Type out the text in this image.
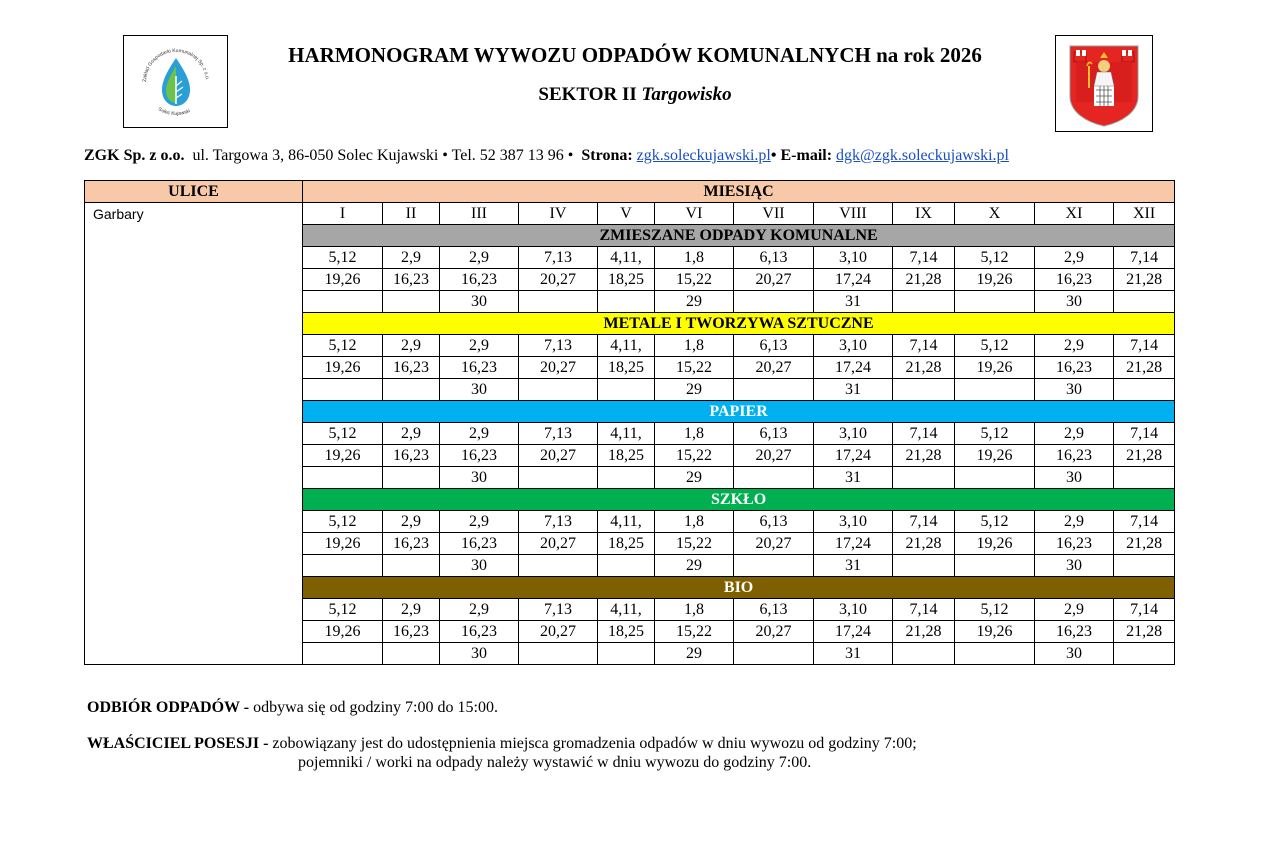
Zakład Gospodarki Komunalnej Sp. z o.o.
Solec Kujawski
HARMONOGRAM WYWOZU ODPADÓW KOMUNALNYCH na rok 2026
SEKTOR II Targowisko
ZGK Sp. z o.o. ul. Targowa 3, 86-050 Solec Kujawski • Tel. 52 387 13 96 • Strona: zgk.soleckujawski.pl• E-mail: dgk@zgk.soleckujawski.pl
ULICE	MIESIĄC											
Garbary	I	II	III	IV	V	VI	VII	VIII	IX	X	XI	XII
	ZMIESZANE ODPADY KOMUNALNE											
	5,12	2,9	2,9	7,13	4,11,	1,8	6,13	3,10	7,14	5,12	2,9	7,14
	19,26	16,23	16,23	20,27	18,25	15,22	20,27	17,24	21,28	19,26	16,23	21,28
			30			29		31			30	
	METALE I TWORZYWA SZTUCZNE											
	5,12	2,9	2,9	7,13	4,11,	1,8	6,13	3,10	7,14	5,12	2,9	7,14
	19,26	16,23	16,23	20,27	18,25	15,22	20,27	17,24	21,28	19,26	16,23	21,28
			30			29		31			30	
	PAPIER											
	5,12	2,9	2,9	7,13	4,11,	1,8	6,13	3,10	7,14	5,12	2,9	7,14
	19,26	16,23	16,23	20,27	18,25	15,22	20,27	17,24	21,28	19,26	16,23	21,28
			30			29		31			30	
	SZKŁO											
	5,12	2,9	2,9	7,13	4,11,	1,8	6,13	3,10	7,14	5,12	2,9	7,14
	19,26	16,23	16,23	20,27	18,25	15,22	20,27	17,24	21,28	19,26	16,23	21,28
			30			29		31			30	
	BIO											
	5,12	2,9	2,9	7,13	4,11,	1,8	6,13	3,10	7,14	5,12	2,9	7,14
	19,26	16,23	16,23	20,27	18,25	15,22	20,27	17,24	21,28	19,26	16,23	21,28
			30			29		31			30	
ODBIÓR ODPADÓW - odbywa się od godziny 7:00 do 15:00.
WŁAŚCICIEL POSESJI - zobowiązany jest do udostępnienia miejsca gromadzenia odpadów w dniu wywozu od godziny 7:00;
pojemniki / worki na odpady należy wystawić w dniu wywozu do godziny 7:00.
